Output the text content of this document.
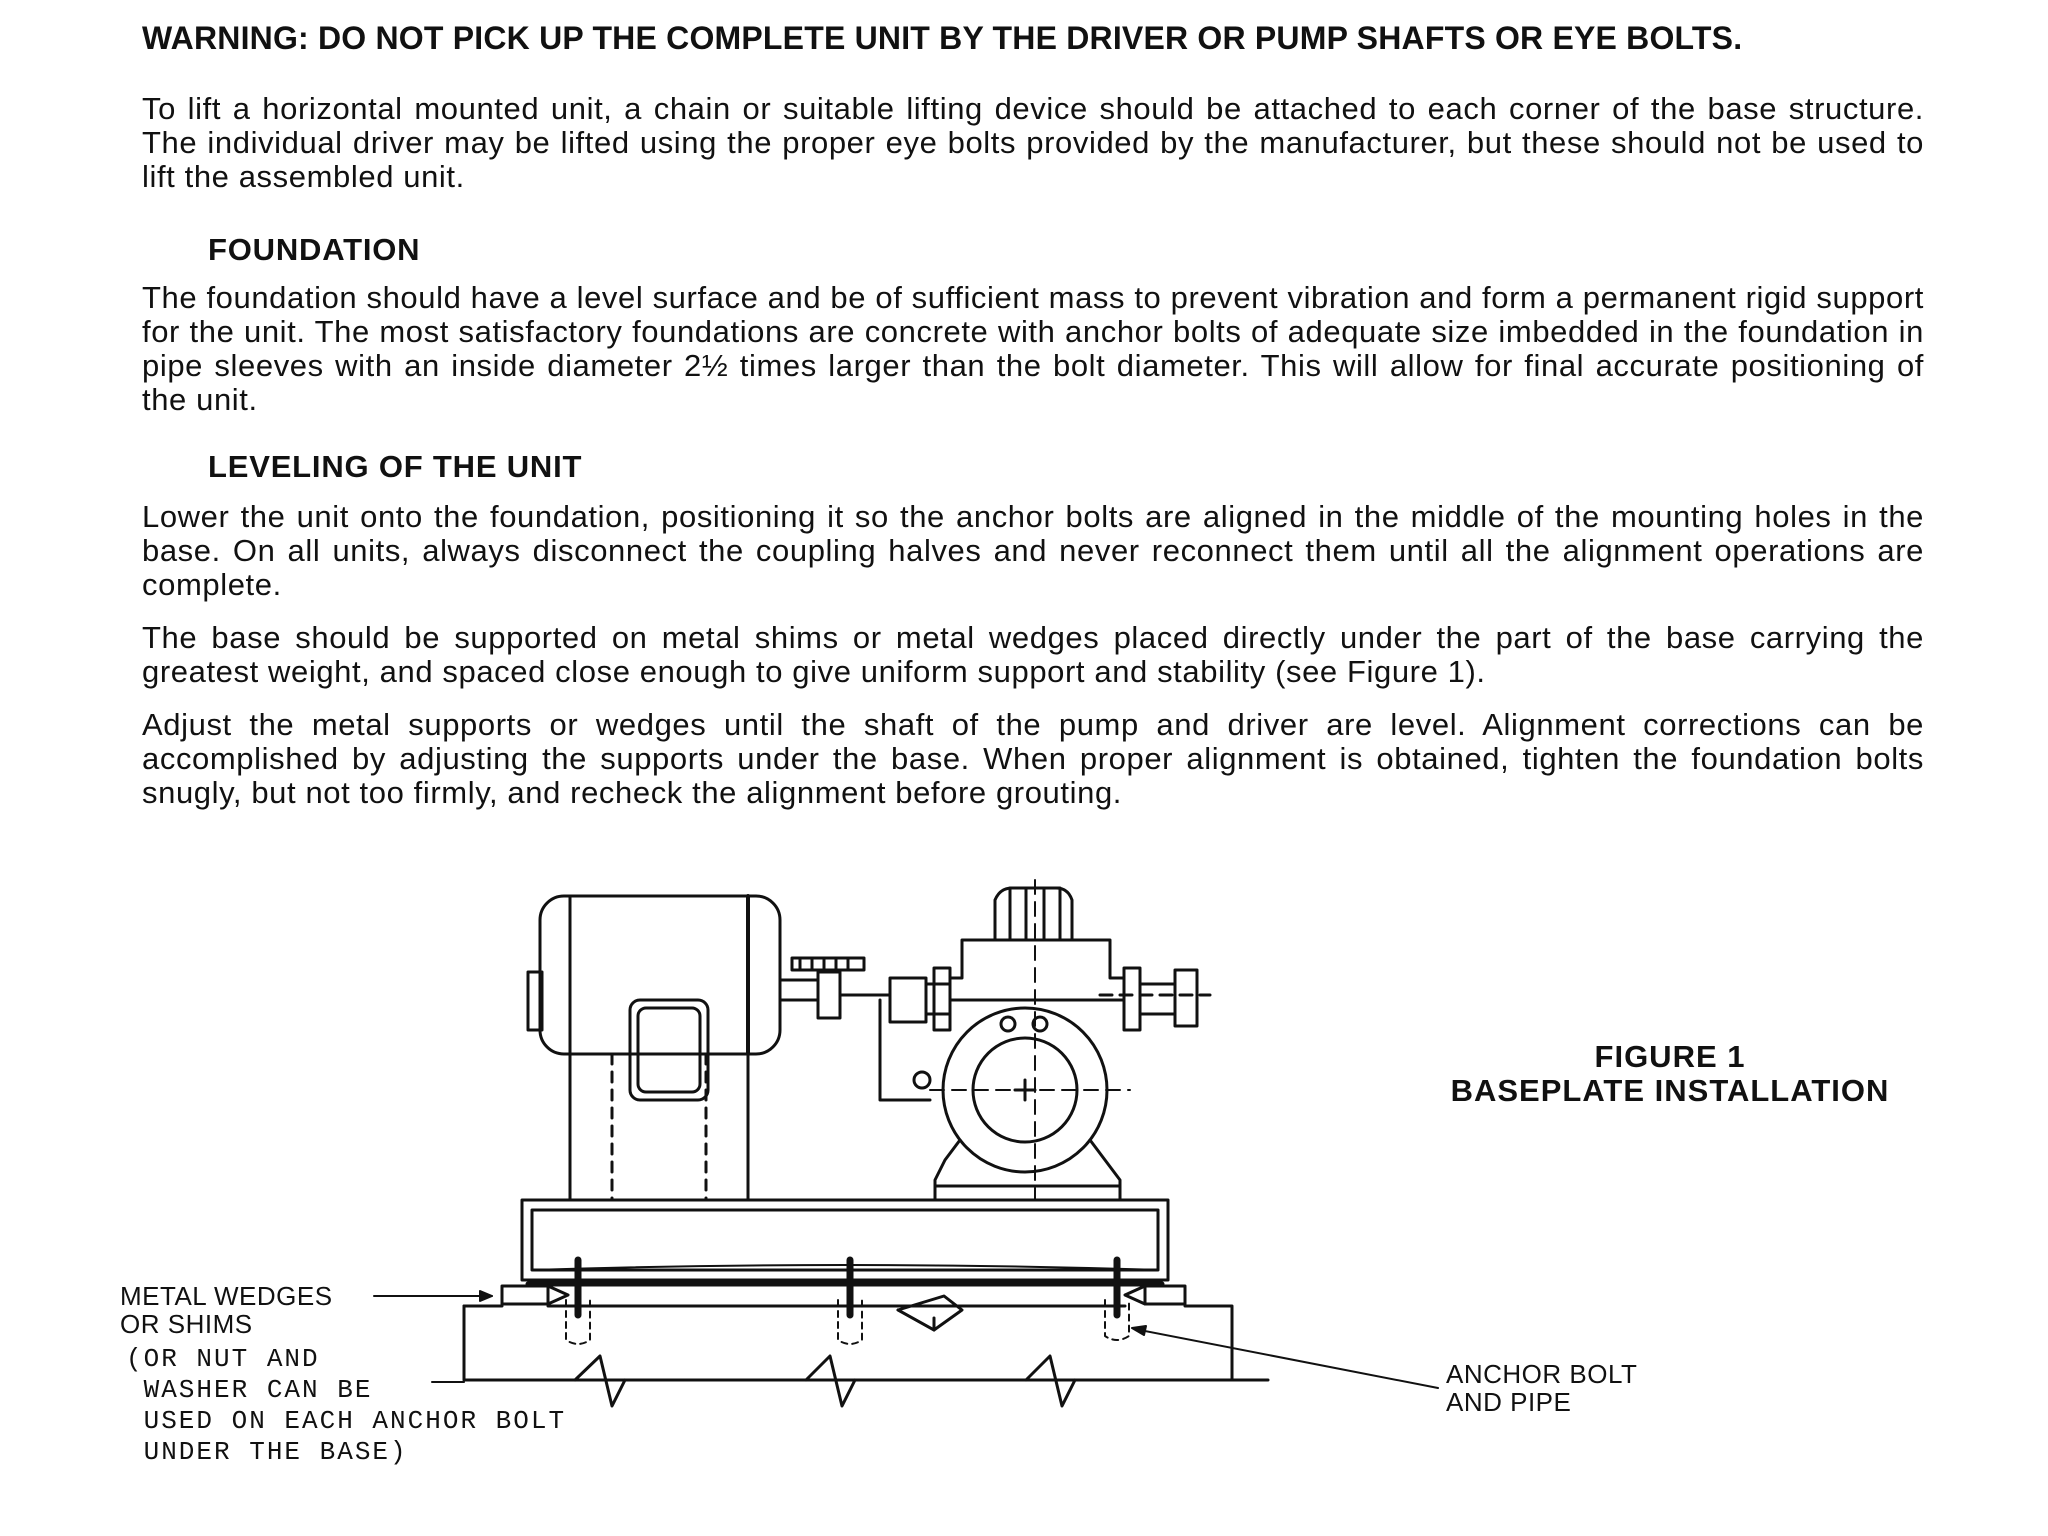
WARNING: DO NOT PICK UP THE COMPLETE UNIT BY THE DRIVER OR PUMP SHAFTS OR EYE BOLTS.
To lift a horizontal mounted unit, a chain or suitable lifting device should be attached to each corner of the base structure. The individual driver may be lifted using the proper eye bolts provided by the manufacturer, but these should not be used to lift the assembled unit.
FOUNDATION
The foundation should have a level surface and be of sufficient mass to prevent vibration and form a permanent rigid support for the unit. The most satisfactory foundations are concrete with anchor bolts of adequate size imbedded in the foundation in pipe sleeves with an inside diameter 2½ times larger than the bolt diameter. This will allow for final accurate positioning of the unit.
LEVELING OF THE UNIT
Lower the unit onto the foundation, positioning it so the anchor bolts are aligned in the middle of the mounting holes in the base. On all units, always disconnect the coupling halves and never reconnect them until all the alignment operations are complete.
The base should be supported on metal shims or metal wedges placed directly under the part of the base carrying the greatest weight, and spaced close enough to give uniform support and stability (see Figure 1).
Adjust the metal supports or wedges until the shaft of the pump and driver are level. Alignment corrections can be accomplished by adjusting the supports under the base. When proper alignment is obtained, tighten the foundation bolts snugly, but not too firmly, and recheck the alignment before grouting.
FIGURE 1
BASEPLATE INSTALLATION
METAL WEDGES
OR SHIMS
(OR NUT AND
WASHER CAN BE
USED ON EACH ANCHOR BOLT
UNDER THE BASE)
ANCHOR BOLT
AND PIPE
